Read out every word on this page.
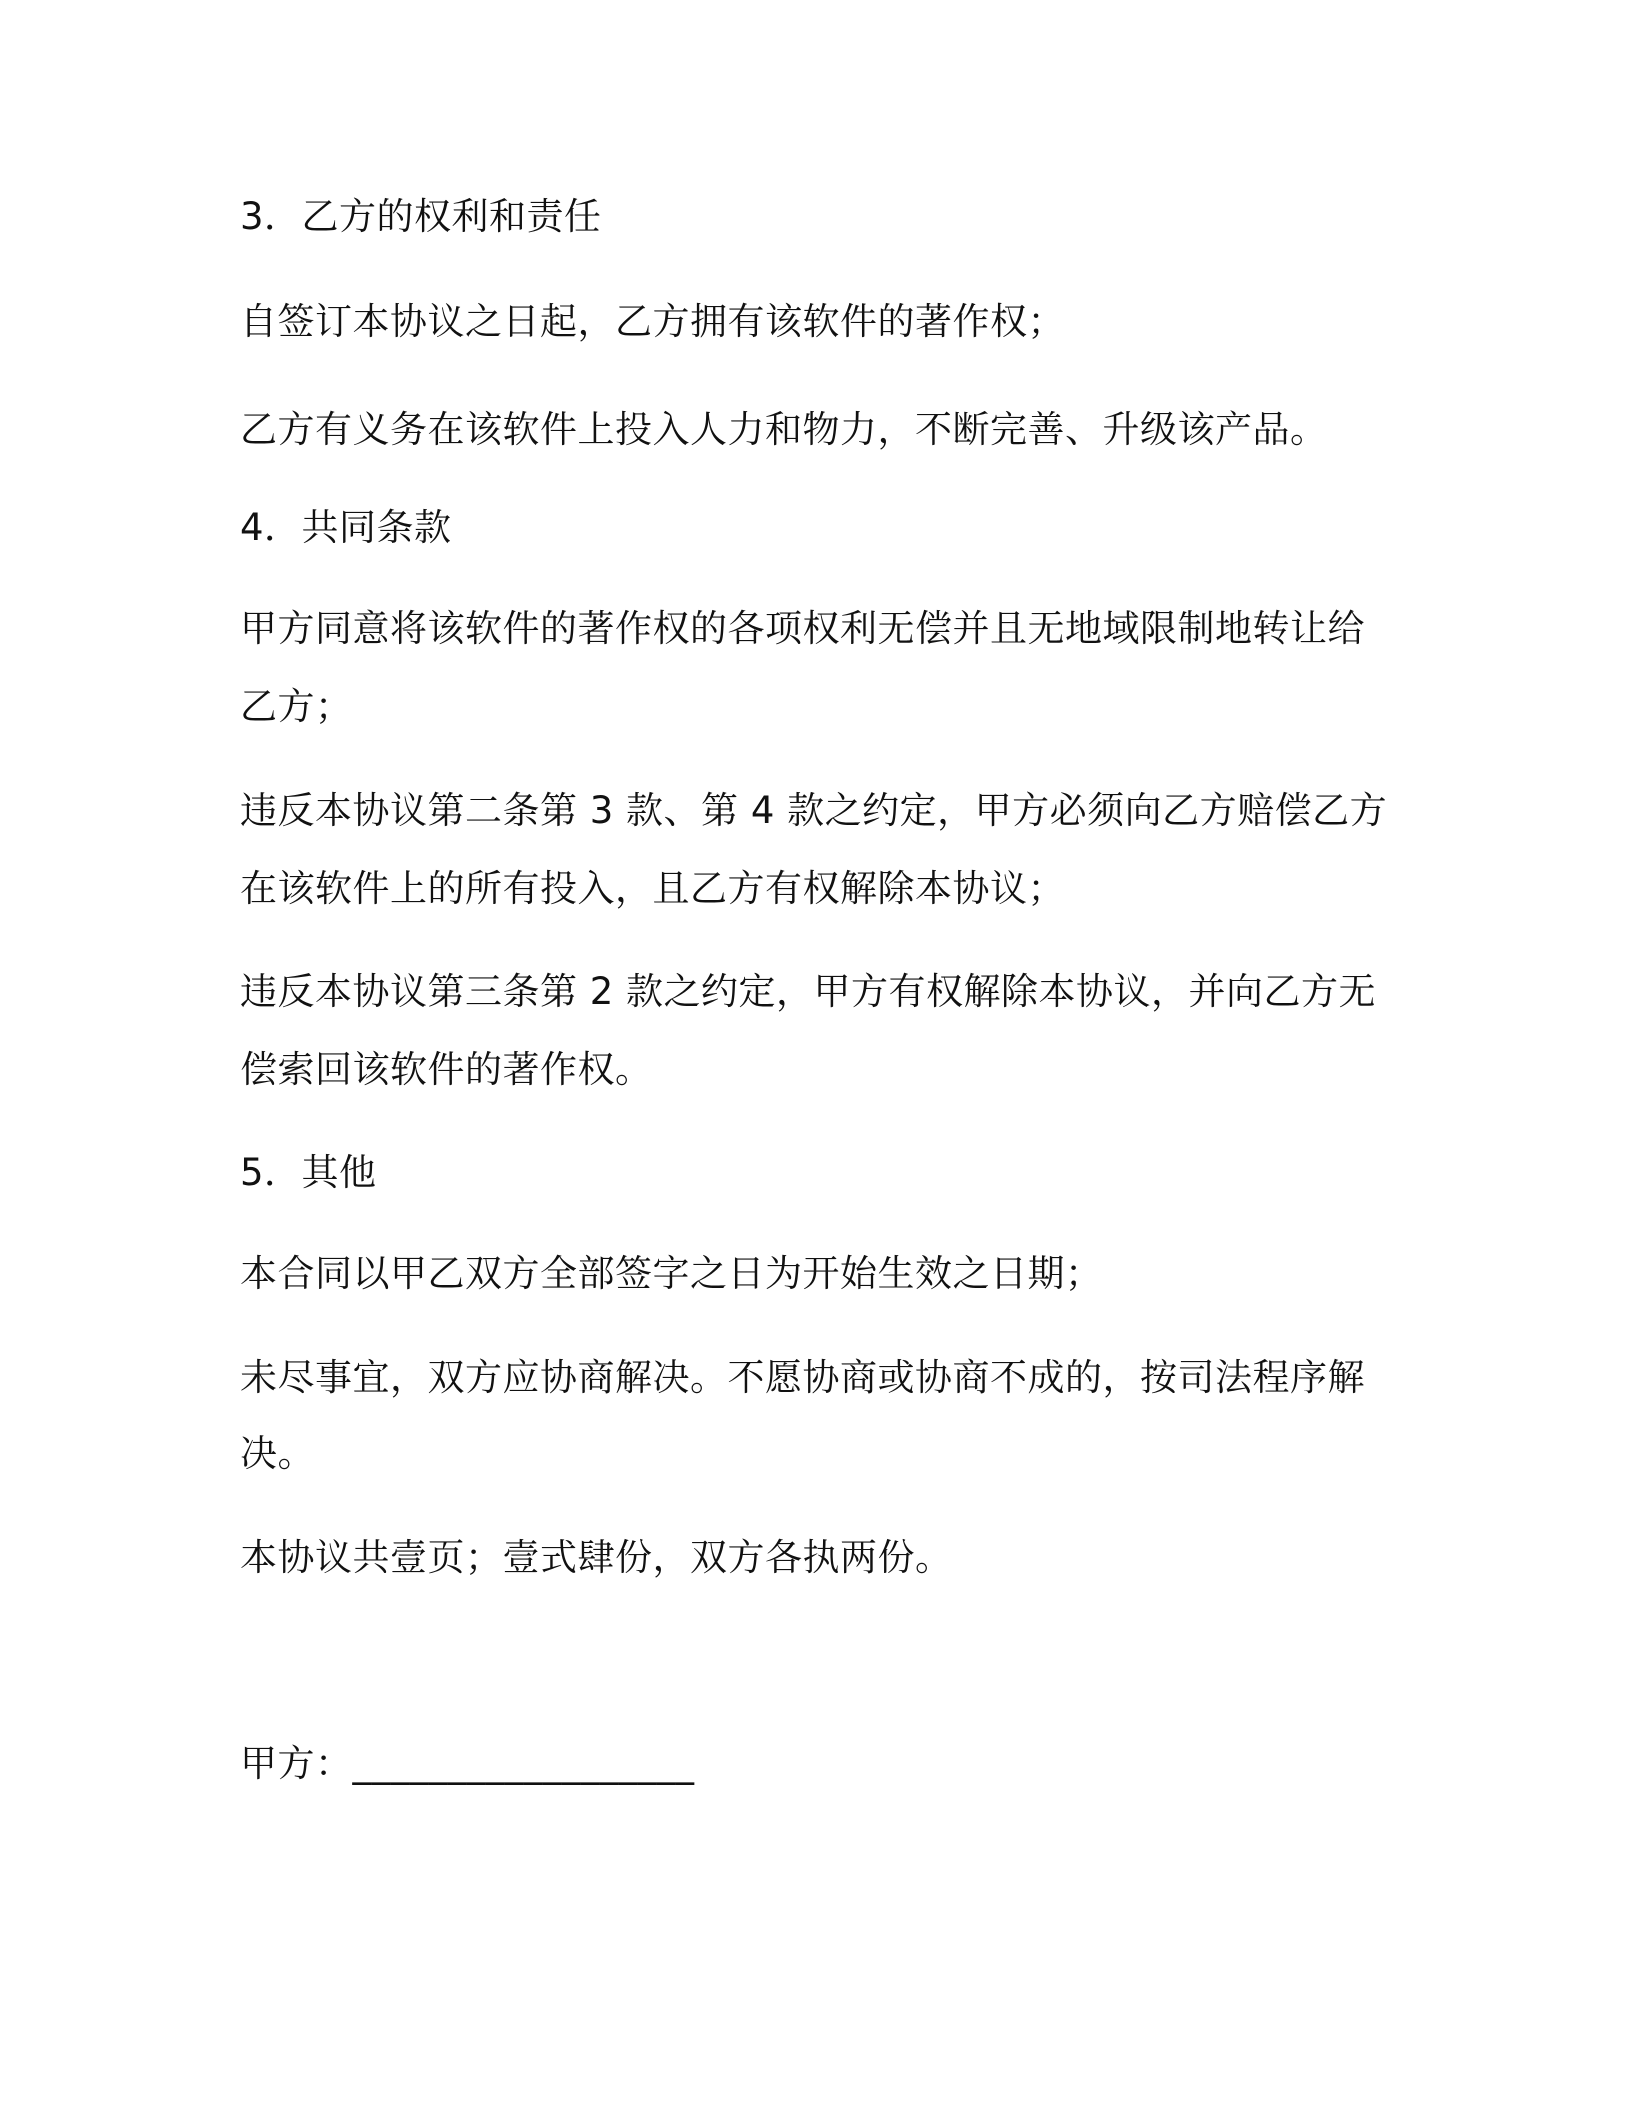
3．乙方的权利和责任
自签订本协议之日起，乙方拥有该软件的著作权；
乙方有义务在该软件上投入人力和物力，不断完善、升级该产品。
4．共同条款
甲方同意将该软件的著作权的各项权利无偿并且无地域限制地转让给
乙方；
违反本协议第二条第 3 款、第 4 款之约定，甲方必须向乙方赔偿乙方
在该软件上的所有投入，且乙方有权解除本协议；
违反本协议第三条第 2 款之约定，甲方有权解除本协议，并向乙方无
偿索回该软件的著作权。
5．其他
本合同以甲乙双方全部签字之日为开始生效之日期；
未尽事宜，双方应协商解决。不愿协商或协商不成的，按司法程序解
决。
本协议共壹页；壹式肆份，双方各执两份。
甲方：__________________
